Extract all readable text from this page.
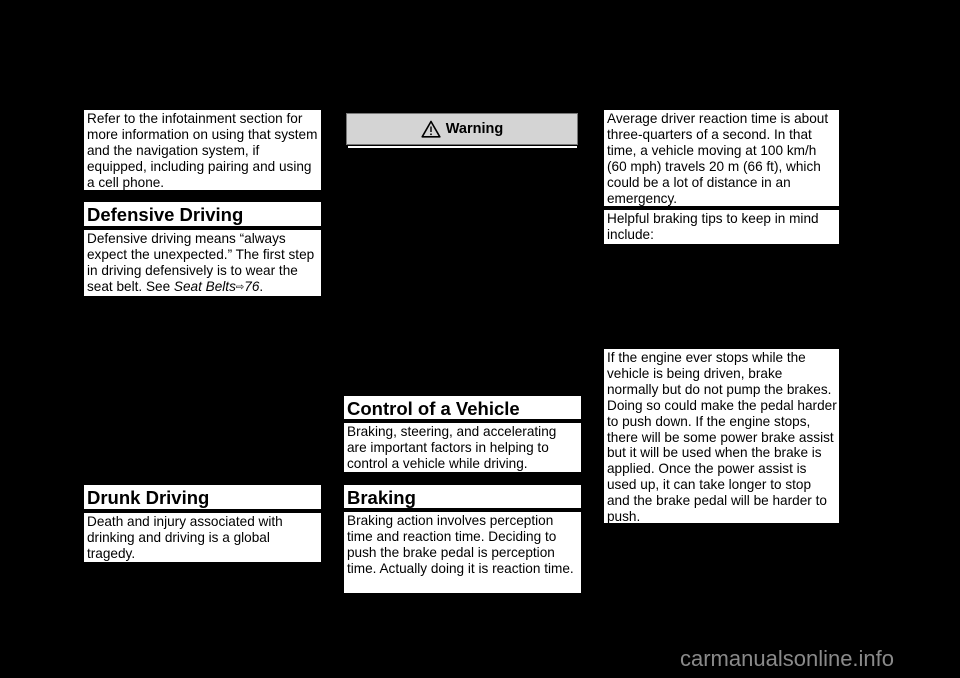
Refer to the infotainment section for more information on using that system and the navigation system, if equipped, including pairing and using a cell phone.
Defensive Driving
Defensive driving means “always expect the unexpected.” The first step in driving defensively is to wear the seat belt. See Seat Belts⇨76.
Drunk Driving
Death and injury associated with drinking and driving is a global tragedy.
Warning
Control of a Vehicle
Braking, steering, and accelerating are important factors in helping to control a vehicle while driving.
Braking
Braking action involves perception time and reaction time. Deciding to push the brake pedal is perception time. Actually doing it is reaction time.
Average driver reaction time is about three-quarters of a second. In that time, a vehicle moving at 100 km/h (60 mph) travels 20 m (66 ft), which could be a lot of distance in an emergency.
Helpful braking tips to keep in mind include:
If the engine ever stops while the vehicle is being driven, brake normally but do not pump the brakes. Doing so could make the pedal harder to push down. If the engine stops, there will be some power brake assist but it will be used when the brake is applied. Once the power assist is used up, it can take longer to stop and the brake pedal will be harder to push.
carmanualsonline.info
